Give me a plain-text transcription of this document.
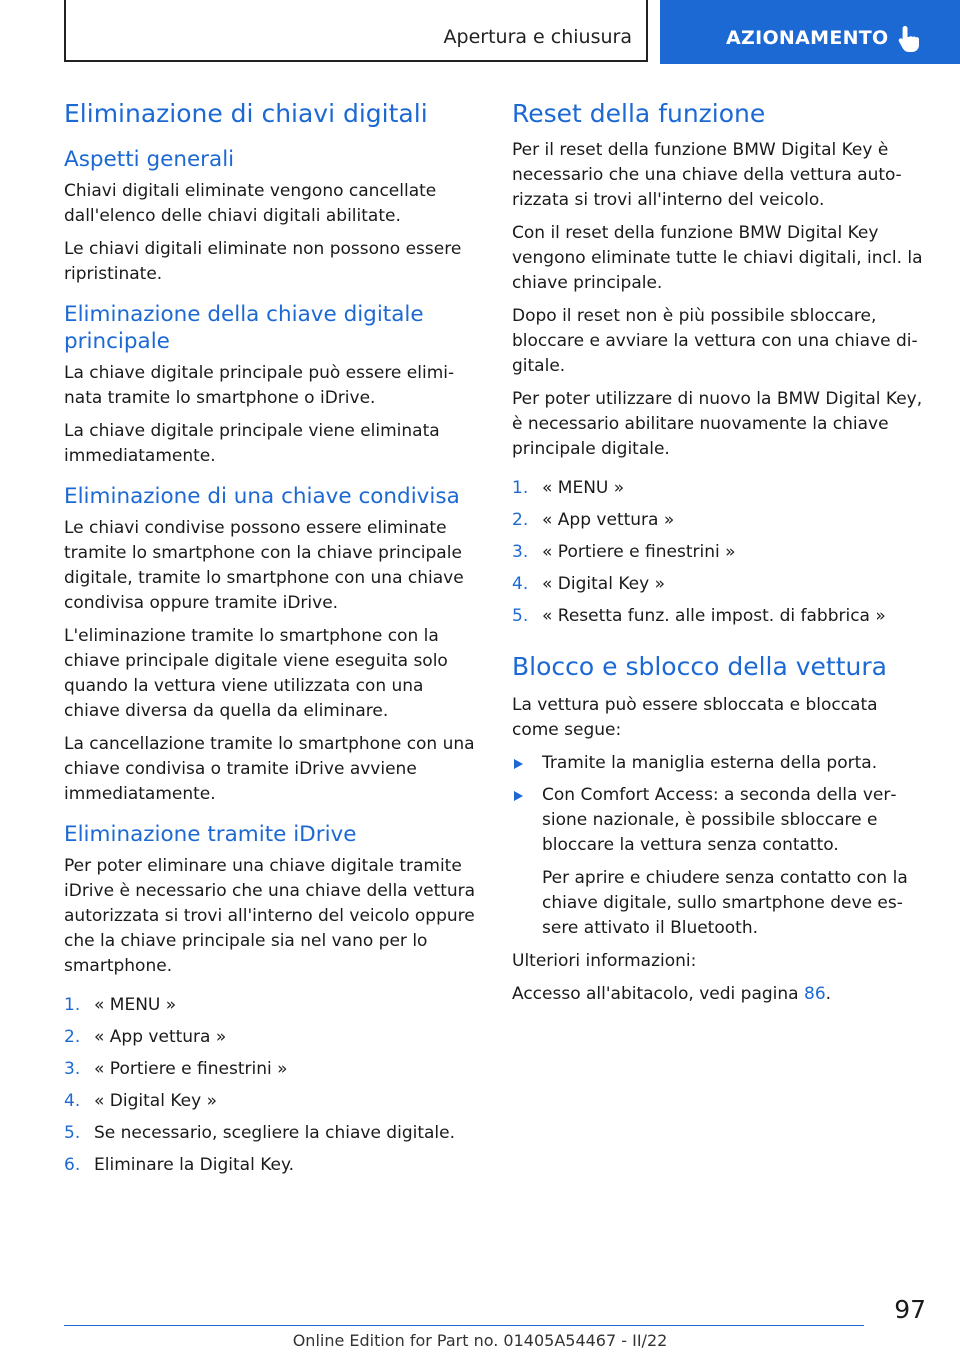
Apertura e chiusura	AZIONAMENTO
Eliminazione di chiavi digitali
Aspetti generali

Chiavi digitali eliminate vengono cancellate dall'elenco delle chiavi digitali abilitate.

Le chiavi digitali eliminate non possono essere ripristinate.

Eliminazione della chiave digitale principale

La chiave digitale principale può essere eliminata tramite lo smartphone o iDrive.

La chiave digitale principale viene eliminata immediatamente.

Eliminazione di una chiave condivisa

Le chiavi condivise possono essere eliminate tramite lo smartphone con la chiave principale digitale, tramite lo smartphone con una chiave condivisa oppure tramite iDrive.

L'eliminazione tramite lo smartphone con la chiave principale digitale viene eseguita solo quando la vettura viene utilizzata con una chiave diversa da quella da eliminare.

La cancellazione tramite lo smartphone con una chiave condivisa o tramite iDrive avviene immediatamente.

Eliminazione tramite iDrive

Per poter eliminare una chiave digitale tramite iDrive è necessario che una chiave della vettura autorizzata si trovi all'interno del veicolo oppure che la chiave principale sia nel vano per lo smartphone.

1. « MENU »
2. « App vettura »
3. « Portiere e finestrini »
4. « Digital Key »
5. Se necessario, scegliere la chiave digitale.
6. Eliminare la Digital Key.
Reset della funzione

Per il reset della funzione BMW Digital Key è necessario che una chiave della vettura autorizzata si trovi all'interno del veicolo.

Con il reset della funzione BMW Digital Key vengono eliminate tutte le chiavi digitali, incl. la chiave principale.

Dopo il reset non è più possibile sbloccare, bloccare e avviare la vettura con una chiave digitale.

Per poter utilizzare di nuovo la BMW Digital Key, è necessario abilitare nuovamente la chiave principale digitale.

1. « MENU »
2. « App vettura »
3. « Portiere e finestrini »
4. « Digital Key »
5. « Resetta funz. alle impost. di fabbrica »
Blocco e sblocco della vettura

La vettura può essere sbloccata e bloccata come segue:

Tramite la maniglia esterna della porta.
Con Comfort Access: a seconda della versione nazionale, è possibile sbloccare e bloccare la vettura senza contatto.

Per aprire e chiudere senza contatto con la chiave digitale, sullo smartphone deve essere attivato il Bluetooth.

Ulteriori informazioni:

Accesso all'abitacolo, vedi pagina 86.

97
Online Edition for Part no. 01405A54467 - II/22
